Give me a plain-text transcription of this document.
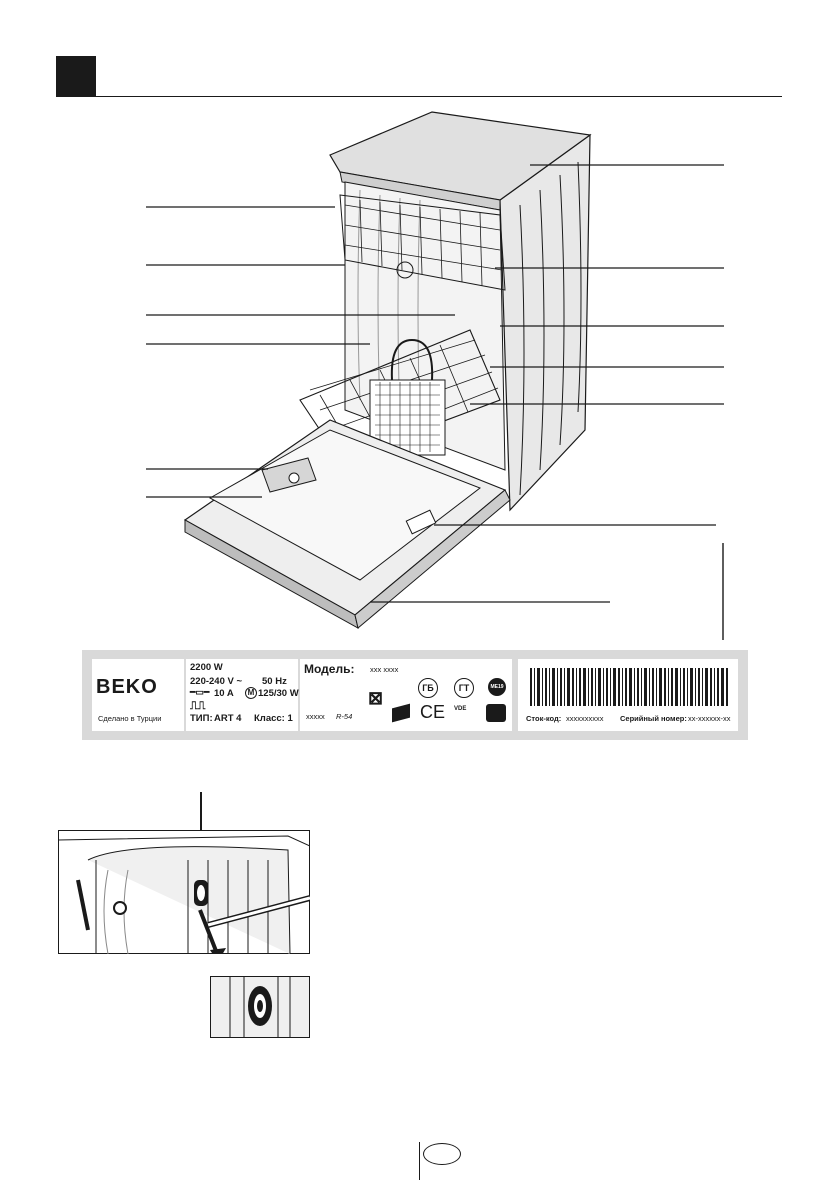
BEKO
Сделано в Турции
2200 W
220-240 V ~ 50 Hz
━▭━ 10 A	M 125/30 W
⎍⎍
ТИП: ART 4 Класс: 1
Модель: xxx xxxx
xxxxx R-54
⊠	ГБ	ГТ	МЕ19
CE VDE
Сток-код: xxxxxxxxxx Серийный номер: xx-xxxxxx-xx
